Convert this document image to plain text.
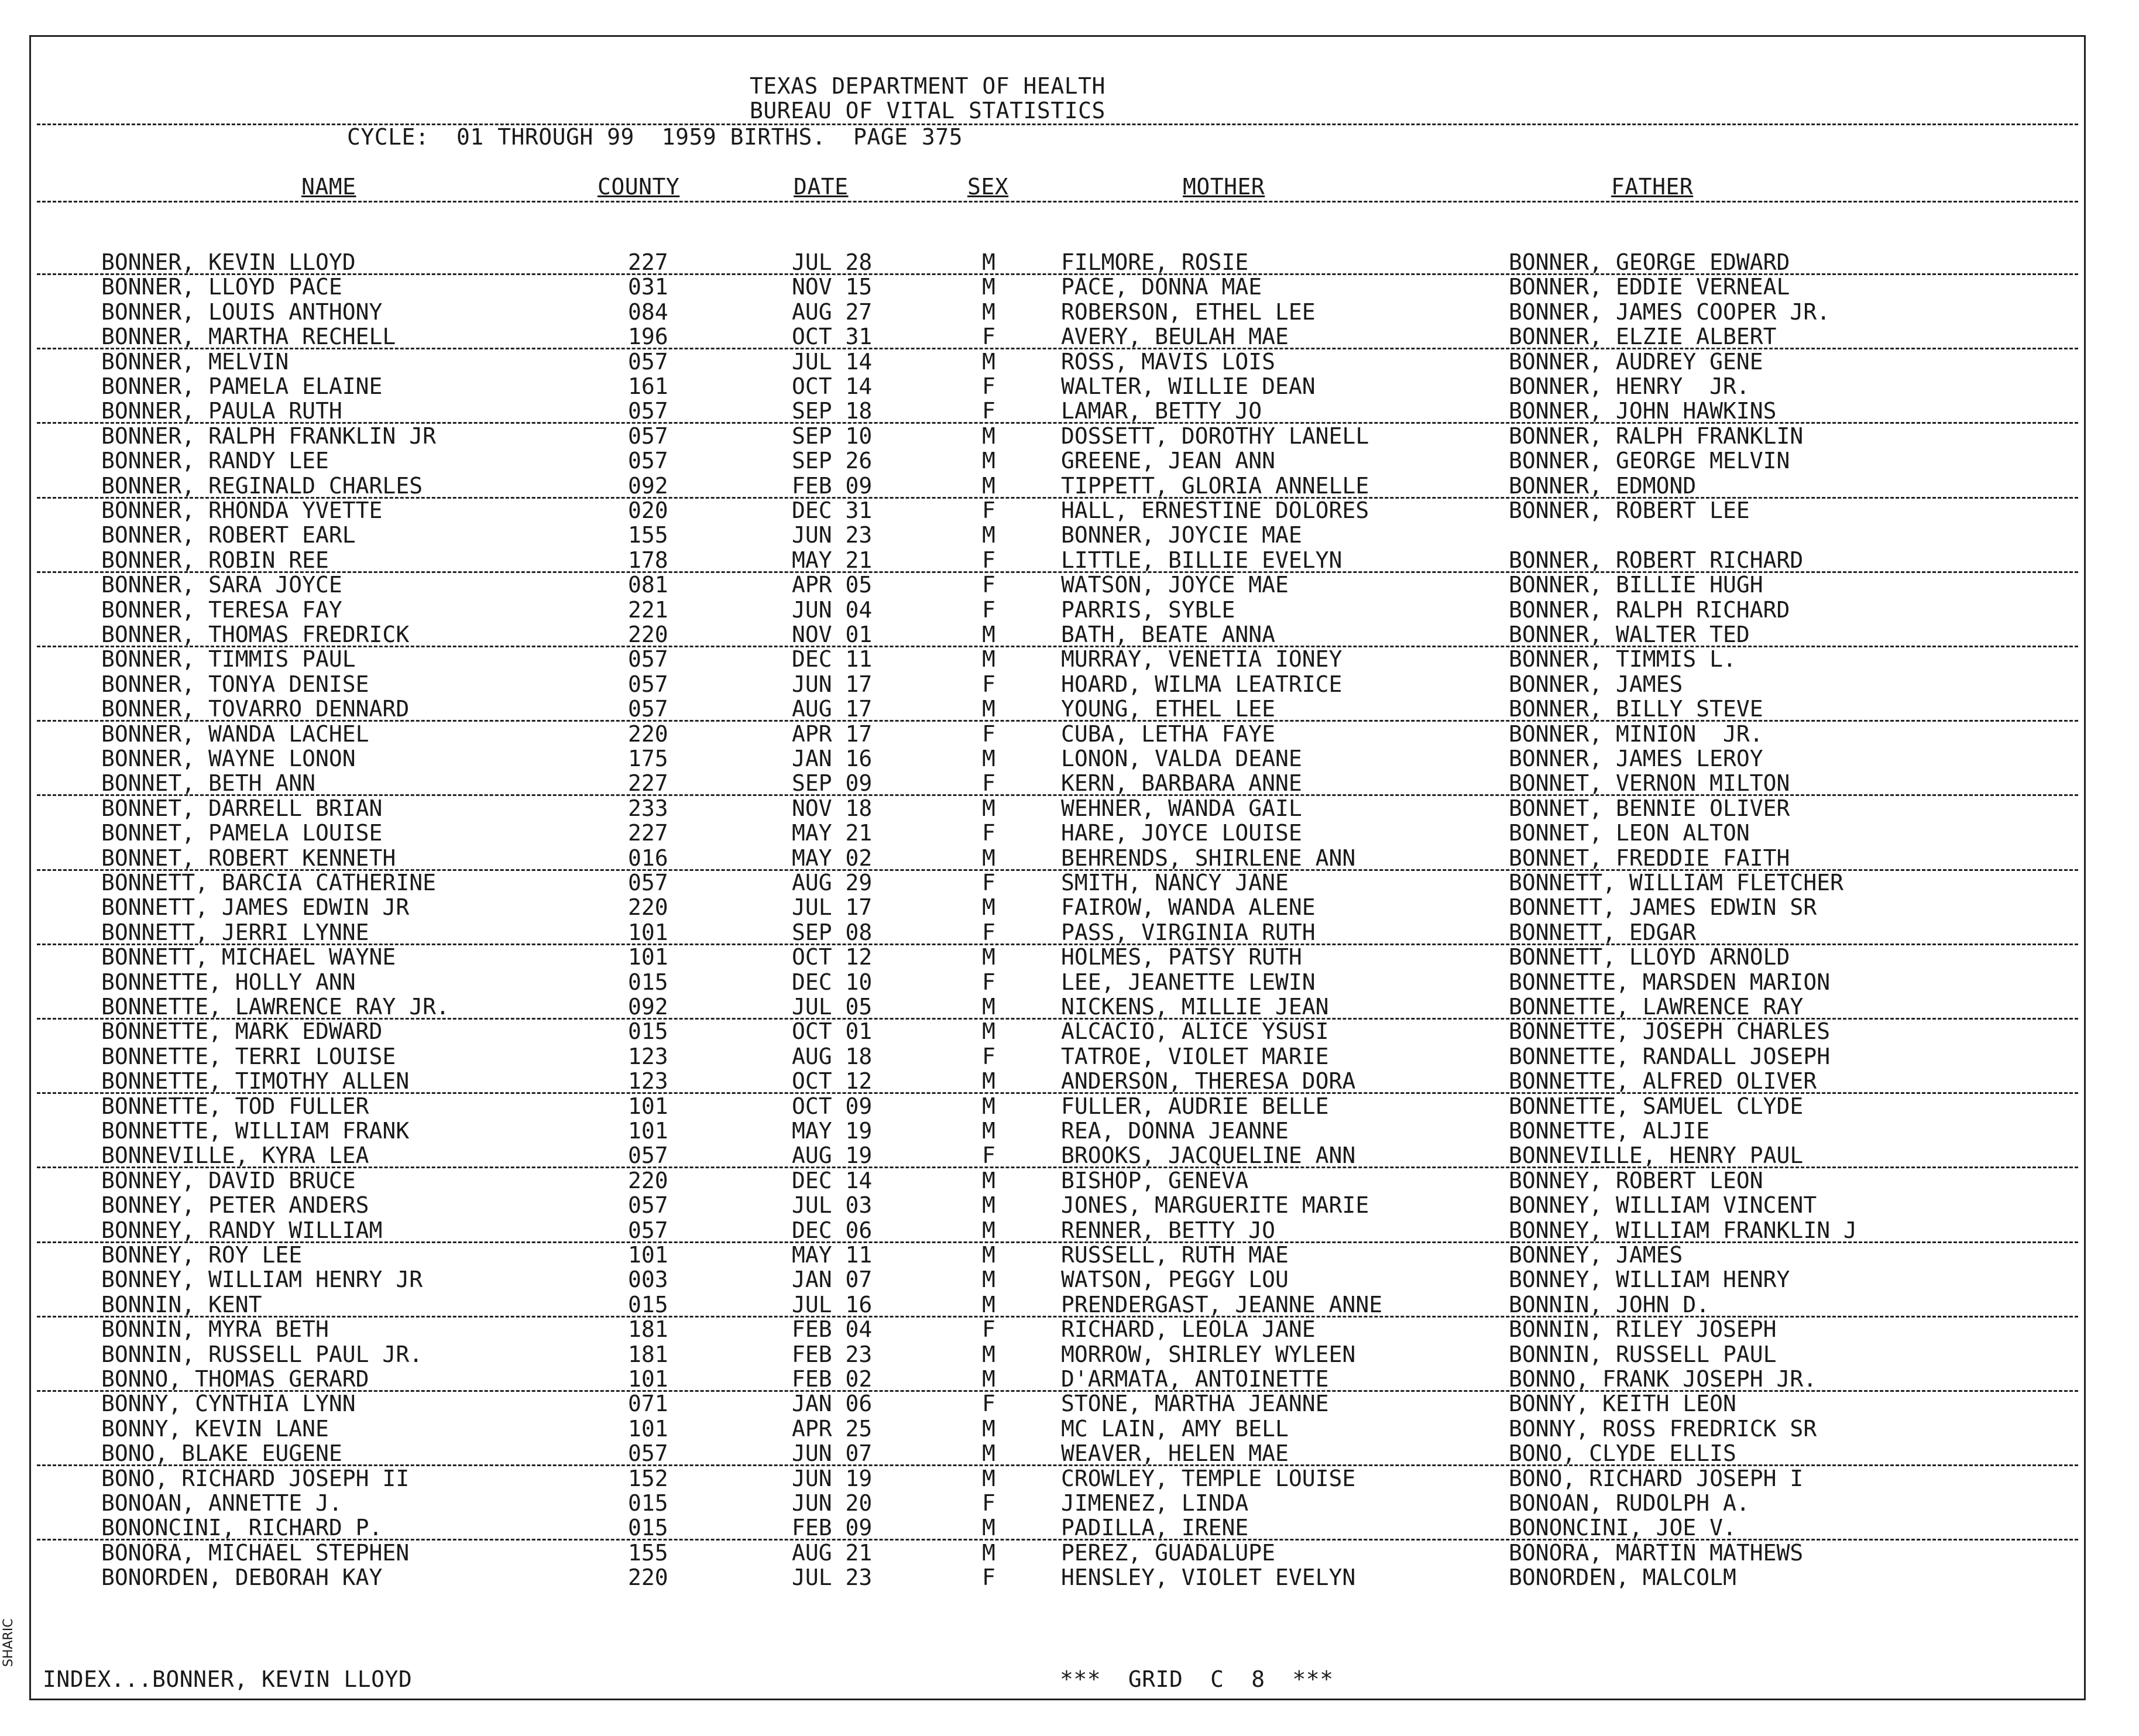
TEXAS DEPARTMENT OF HEALTH
BUREAU OF VITAL STATISTICS
CYCLE:  01 THROUGH 99  1959 BIRTHS.  PAGE 375
NAME	COUNTY	DATE	SEX	MOTHER	FATHER
BONNER, KEVIN LLOYD	227	JUL 28	M	FILMORE, ROSIE	BONNER, GEORGE EDWARD
BONNER, LLOYD PACE	031	NOV 15	M	PACE, DONNA MAE	BONNER, EDDIE VERNEAL
BONNER, LOUIS ANTHONY	084	AUG 27	M	ROBERSON, ETHEL LEE	BONNER, JAMES COOPER JR.
BONNER, MARTHA RECHELL	196	OCT 31	F	AVERY, BEULAH MAE	BONNER, ELZIE ALBERT
BONNER, MELVIN	057	JUL 14	M	ROSS, MAVIS LOIS	BONNER, AUDREY GENE
BONNER, PAMELA ELAINE	161	OCT 14	F	WALTER, WILLIE DEAN	BONNER, HENRY  JR.
BONNER, PAULA RUTH	057	SEP 18	F	LAMAR, BETTY JO	BONNER, JOHN HAWKINS
BONNER, RALPH FRANKLIN JR	057	SEP 10	M	DOSSETT, DOROTHY LANELL	BONNER, RALPH FRANKLIN
BONNER, RANDY LEE	057	SEP 26	M	GREENE, JEAN ANN	BONNER, GEORGE MELVIN
BONNER, REGINALD CHARLES	092	FEB 09	M	TIPPETT, GLORIA ANNELLE	BONNER, EDMOND
BONNER, RHONDA YVETTE	020	DEC 31	F	HALL, ERNESTINE DOLORES	BONNER, ROBERT LEE
BONNER, ROBERT EARL	155	JUN 23	M	BONNER, JOYCIE MAE
BONNER, ROBIN REE	178	MAY 21	F	LITTLE, BILLIE EVELYN	BONNER, ROBERT RICHARD
BONNER, SARA JOYCE	081	APR 05	F	WATSON, JOYCE MAE	BONNER, BILLIE HUGH
BONNER, TERESA FAY	221	JUN 04	F	PARRIS, SYBLE	BONNER, RALPH RICHARD
BONNER, THOMAS FREDRICK	220	NOV 01	M	BATH, BEATE ANNA	BONNER, WALTER TED
BONNER, TIMMIS PAUL	057	DEC 11	M	MURRAY, VENETIA IONEY	BONNER, TIMMIS L.
BONNER, TONYA DENISE	057	JUN 17	F	HOARD, WILMA LEATRICE	BONNER, JAMES
BONNER, TOVARRO DENNARD	057	AUG 17	M	YOUNG, ETHEL LEE	BONNER, BILLY STEVE
BONNER, WANDA LACHEL	220	APR 17	F	CUBA, LETHA FAYE	BONNER, MINION  JR.
BONNER, WAYNE LONON	175	JAN 16	M	LONON, VALDA DEANE	BONNER, JAMES LEROY
BONNET, BETH ANN	227	SEP 09	F	KERN, BARBARA ANNE	BONNET, VERNON MILTON
BONNET, DARRELL BRIAN	233	NOV 18	M	WEHNER, WANDA GAIL	BONNET, BENNIE OLIVER
BONNET, PAMELA LOUISE	227	MAY 21	F	HARE, JOYCE LOUISE	BONNET, LEON ALTON
BONNET, ROBERT KENNETH	016	MAY 02	M	BEHRENDS, SHIRLENE ANN	BONNET, FREDDIE FAITH
BONNETT, BARCIA CATHERINE	057	AUG 29	F	SMITH, NANCY JANE	BONNETT, WILLIAM FLETCHER
BONNETT, JAMES EDWIN JR	220	JUL 17	M	FAIROW, WANDA ALENE	BONNETT, JAMES EDWIN SR
BONNETT, JERRI LYNNE	101	SEP 08	F	PASS, VIRGINIA RUTH	BONNETT, EDGAR
BONNETT, MICHAEL WAYNE	101	OCT 12	M	HOLMES, PATSY RUTH	BONNETT, LLOYD ARNOLD
BONNETTE, HOLLY ANN	015	DEC 10	F	LEE, JEANETTE LEWIN	BONNETTE, MARSDEN MARION
BONNETTE, LAWRENCE RAY JR.	092	JUL 05	M	NICKENS, MILLIE JEAN	BONNETTE, LAWRENCE RAY
BONNETTE, MARK EDWARD	015	OCT 01	M	ALCACIO, ALICE YSUSI	BONNETTE, JOSEPH CHARLES
BONNETTE, TERRI LOUISE	123	AUG 18	F	TATROE, VIOLET MARIE	BONNETTE, RANDALL JOSEPH
BONNETTE, TIMOTHY ALLEN	123	OCT 12	M	ANDERSON, THERESA DORA	BONNETTE, ALFRED OLIVER
BONNETTE, TOD FULLER	101	OCT 09	M	FULLER, AUDRIE BELLE	BONNETTE, SAMUEL CLYDE
BONNETTE, WILLIAM FRANK	101	MAY 19	M	REA, DONNA JEANNE	BONNETTE, ALJIE
BONNEVILLE, KYRA LEA	057	AUG 19	F	BROOKS, JACQUELINE ANN	BONNEVILLE, HENRY PAUL
BONNEY, DAVID BRUCE	220	DEC 14	M	BISHOP, GENEVA	BONNEY, ROBERT LEON
BONNEY, PETER ANDERS	057	JUL 03	M	JONES, MARGUERITE MARIE	BONNEY, WILLIAM VINCENT
BONNEY, RANDY WILLIAM	057	DEC 06	M	RENNER, BETTY JO	BONNEY, WILLIAM FRANKLIN J
BONNEY, ROY LEE	101	MAY 11	M	RUSSELL, RUTH MAE	BONNEY, JAMES
BONNEY, WILLIAM HENRY JR	003	JAN 07	M	WATSON, PEGGY LOU	BONNEY, WILLIAM HENRY
BONNIN, KENT	015	JUL 16	M	PRENDERGAST, JEANNE ANNE	BONNIN, JOHN D.
BONNIN, MYRA BETH	181	FEB 04	F	RICHARD, LEOLA JANE	BONNIN, RILEY JOSEPH
BONNIN, RUSSELL PAUL JR.	181	FEB 23	M	MORROW, SHIRLEY WYLEEN	BONNIN, RUSSELL PAUL
BONNO, THOMAS GERARD	101	FEB 02	M	D'ARMATA, ANTOINETTE	BONNO, FRANK JOSEPH JR.
BONNY, CYNTHIA LYNN	071	JAN 06	F	STONE, MARTHA JEANNE	BONNY, KEITH LEON
BONNY, KEVIN LANE	101	APR 25	M	MC LAIN, AMY BELL	BONNY, ROSS FREDRICK SR
BONO, BLAKE EUGENE	057	JUN 07	M	WEAVER, HELEN MAE	BONO, CLYDE ELLIS
BONO, RICHARD JOSEPH II	152	JUN 19	M	CROWLEY, TEMPLE LOUISE	BONO, RICHARD JOSEPH I
BONOAN, ANNETTE J.	015	JUN 20	F	JIMENEZ, LINDA	BONOAN, RUDOLPH A.
BONONCINI, RICHARD P.	015	FEB 09	M	PADILLA, IRENE	BONONCINI, JOE V.
BONORA, MICHAEL STEPHEN	155	AUG 21	M	PEREZ, GUADALUPE	BONORA, MARTIN MATHEWS
BONORDEN, DEBORAH KAY	220	JUL 23	F	HENSLEY, VIOLET EVELYN	BONORDEN, MALCOLM
INDEX...BONNER, KEVIN LLOYD	***  GRID  C  8  ***
SHARIC
